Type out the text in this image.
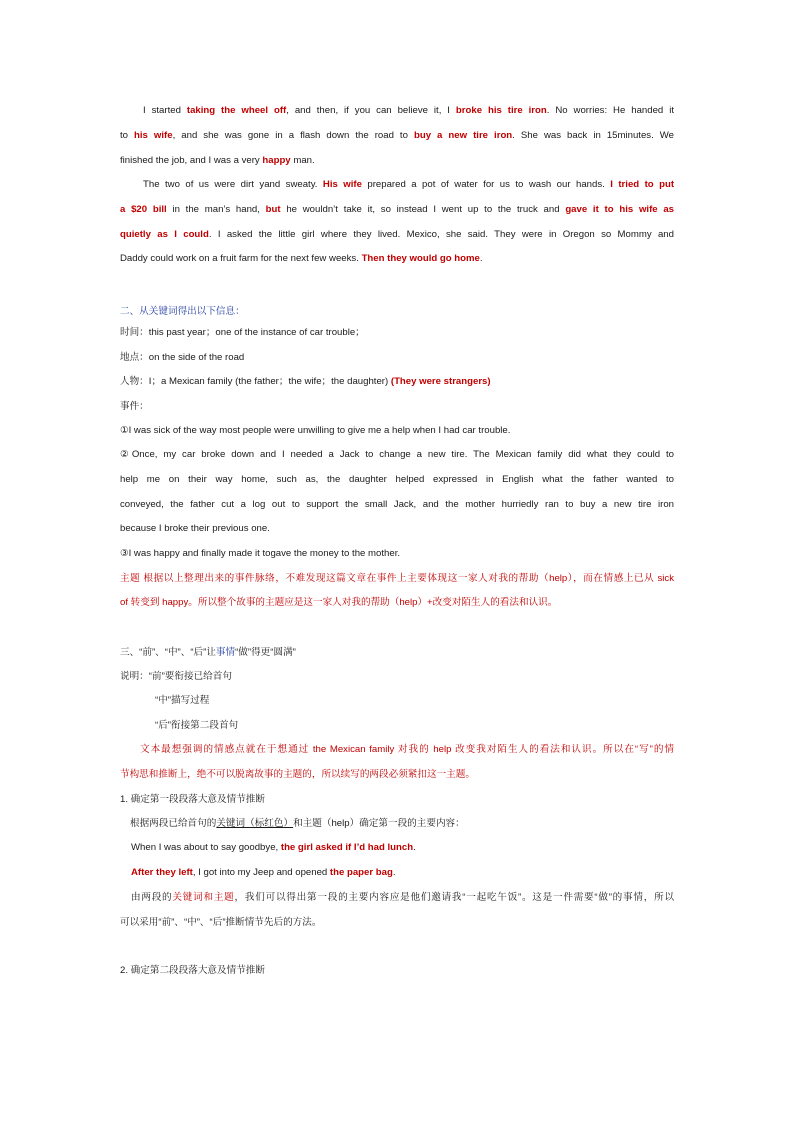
I started taking the wheel off, and then, if you can believe it, I broke his tire iron. No worries: He handed it
to his wife, and she was gone in a flash down the road to buy a new tire iron. She was back in 15minutes. We
finished the job, and I was a very happy man.
The two of us were dirt yand sweaty. His wife prepared a pot of water for us to wash our hands. I tried to put
a $20 bill in the man’s hand, but he wouldn’t take it, so instead I went up to the truck and gave it to his wife as
quietly as I could. I asked the little girl where they lived. Mexico, she said. They were in Oregon so Mommy and
Daddy could work on a fruit farm for the next few weeks. Then they would go home.
二、从关键词得出以下信息：
时间：this past year；one of the instance of car trouble；
地点：on the side of the road
人物：I；a Mexican family (the father；the wife；the daughter) (They were strangers)
事件：
①I was sick of the way most people were unwilling to give me a help when I had car trouble.
②Once, my car broke down and I needed a Jack to change a new tire. The Mexican family did what they could to
help me on their way home, such as, the daughter helped expressed in English what the father wanted to
conveyed, the father cut a log out to support the small Jack, and the mother hurriedly ran to buy a new tire iron
because I broke their previous one.
③I was happy and finally made it togave the money to the mother.
主题 根据以上整理出来的事件脉络，不难发现这篇文章在事件上主要体现这一家人对我的帮助（help），而在情感上已从 sick
of 转变到 happy。所以整个故事的主题应是这一家人对我的帮助（help）+改变对陌生人的看法和认识。
三、“前”、“中”、“后”让事情“做”得更“圆满”
说明：“前”要衔接已给首句
“中”描写过程
“后”衔接第二段首句
文本最想强调的情感点就在于想通过 the Mexican family 对我的 help 改变我对陌生人的看法和认识。所以在“写”的情
节构思和推断上，绝不可以脱离故事的主题的，所以续写的两段必须紧扣这一主题。
1. 确定第一段段落大意及情节推断
根据两段已给首句的关键词（标红色）和主题（help）确定第一段的主要内容：
When I was about to say goodbye, the girl asked if I’d had lunch.
After they left, I got into my Jeep and opened the paper bag.
由两段的关键词和主题，我们可以得出第一段的主要内容应是他们邀请我“一起吃午饭”。这是一件需要“做”的事情，所以
可以采用“前”、“中”、“后”推断情节先后的方法。
2. 确定第二段段落大意及情节推断
